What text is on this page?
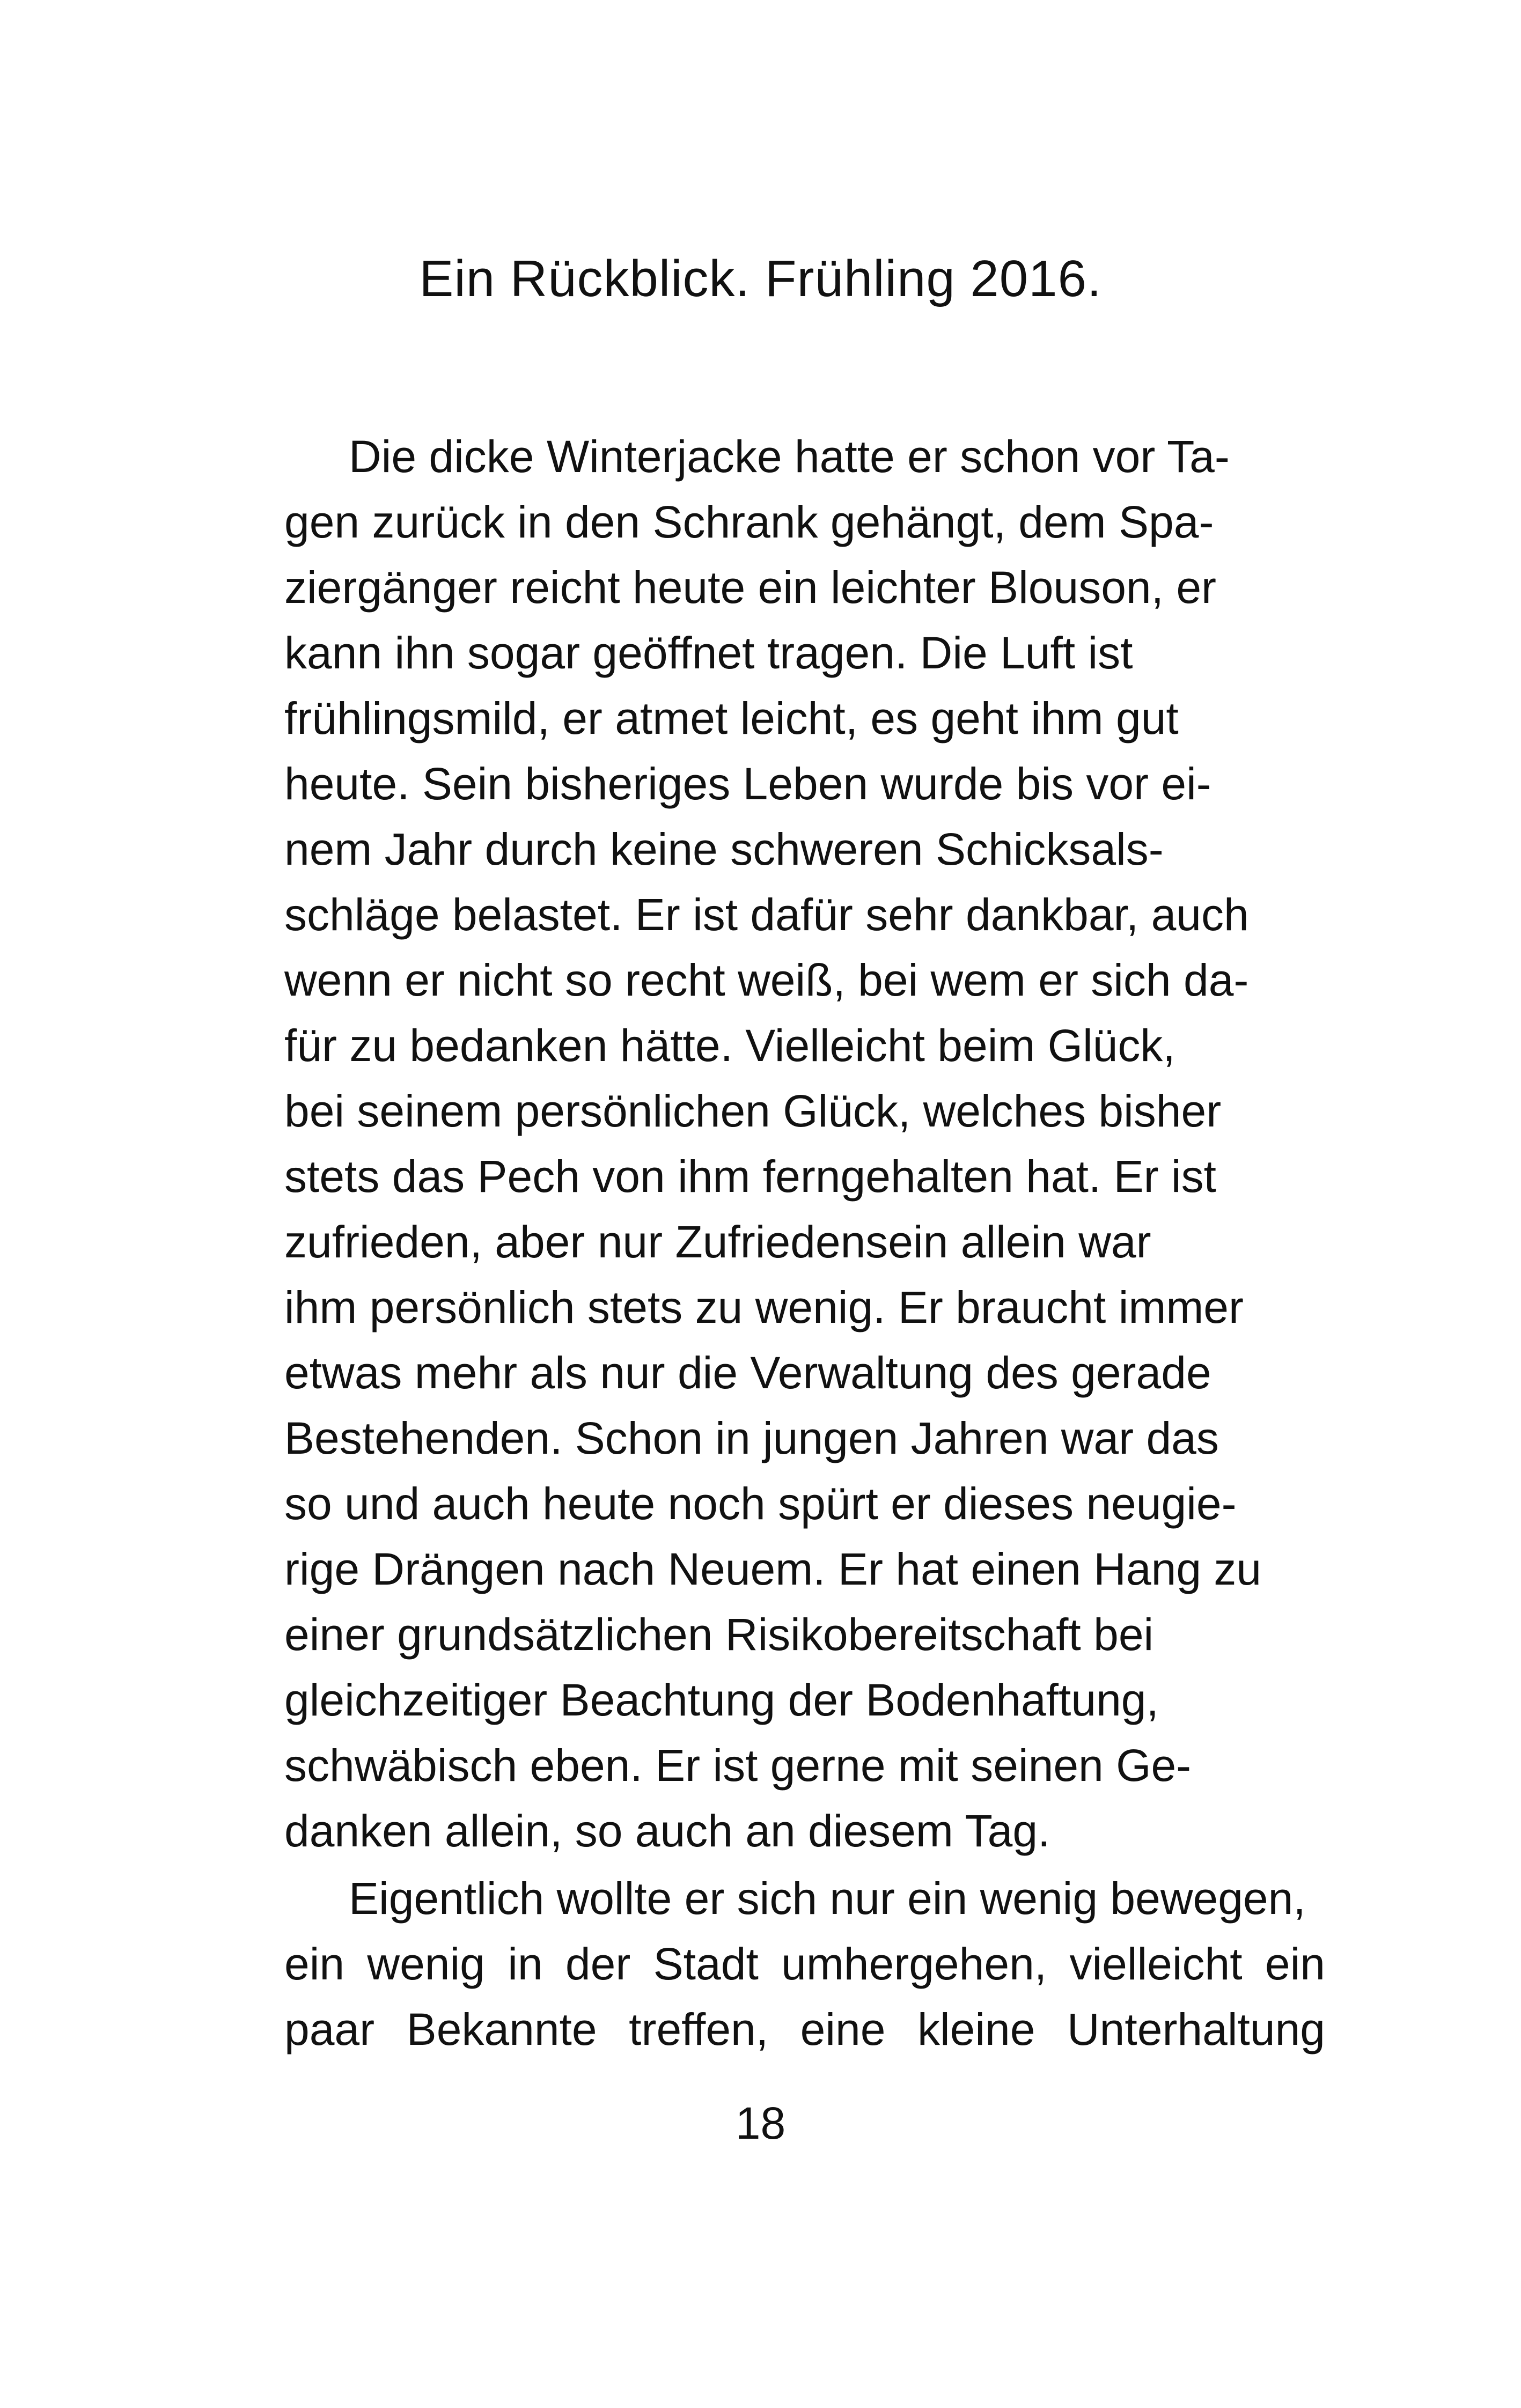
Ein Rückblick. Frühling 2016.
Die dicke Winterjacke hatte er schon vor Ta-
gen zurück in den Schrank gehängt, dem Spa-
ziergänger reicht heute ein leichter Blouson, er
kann ihn sogar geöffnet tragen. Die Luft ist
frühlingsmild, er atmet leicht, es geht ihm gut
heute. Sein bisheriges Leben wurde bis vor ei-
nem Jahr durch keine schweren Schicksals-
schläge belastet. Er ist dafür sehr dankbar, auch
wenn er nicht so recht weiß, bei wem er sich da-
für zu bedanken hätte. Vielleicht beim Glück,
bei seinem persönlichen Glück, welches bisher
stets das Pech von ihm ferngehalten hat. Er ist
zufrieden, aber nur Zufriedensein allein war
ihm persönlich stets zu wenig. Er braucht immer
etwas mehr als nur die Verwaltung des gerade
Bestehenden. Schon in jungen Jahren war das
so und auch heute noch spürt er dieses neugie-
rige Drängen nach Neuem. Er hat einen Hang zu
einer grundsätzlichen Risikobereitschaft bei
gleichzeitiger Beachtung der Bodenhaftung,
schwäbisch eben. Er ist gerne mit seinen Ge-
danken allein, so auch an diesem Tag.
Eigentlich wollte er sich nur ein wenig bewegen,
ein wenig in der Stadt umhergehen, vielleicht ein
paar Bekannte treffen, eine kleine Unterhaltung
18
